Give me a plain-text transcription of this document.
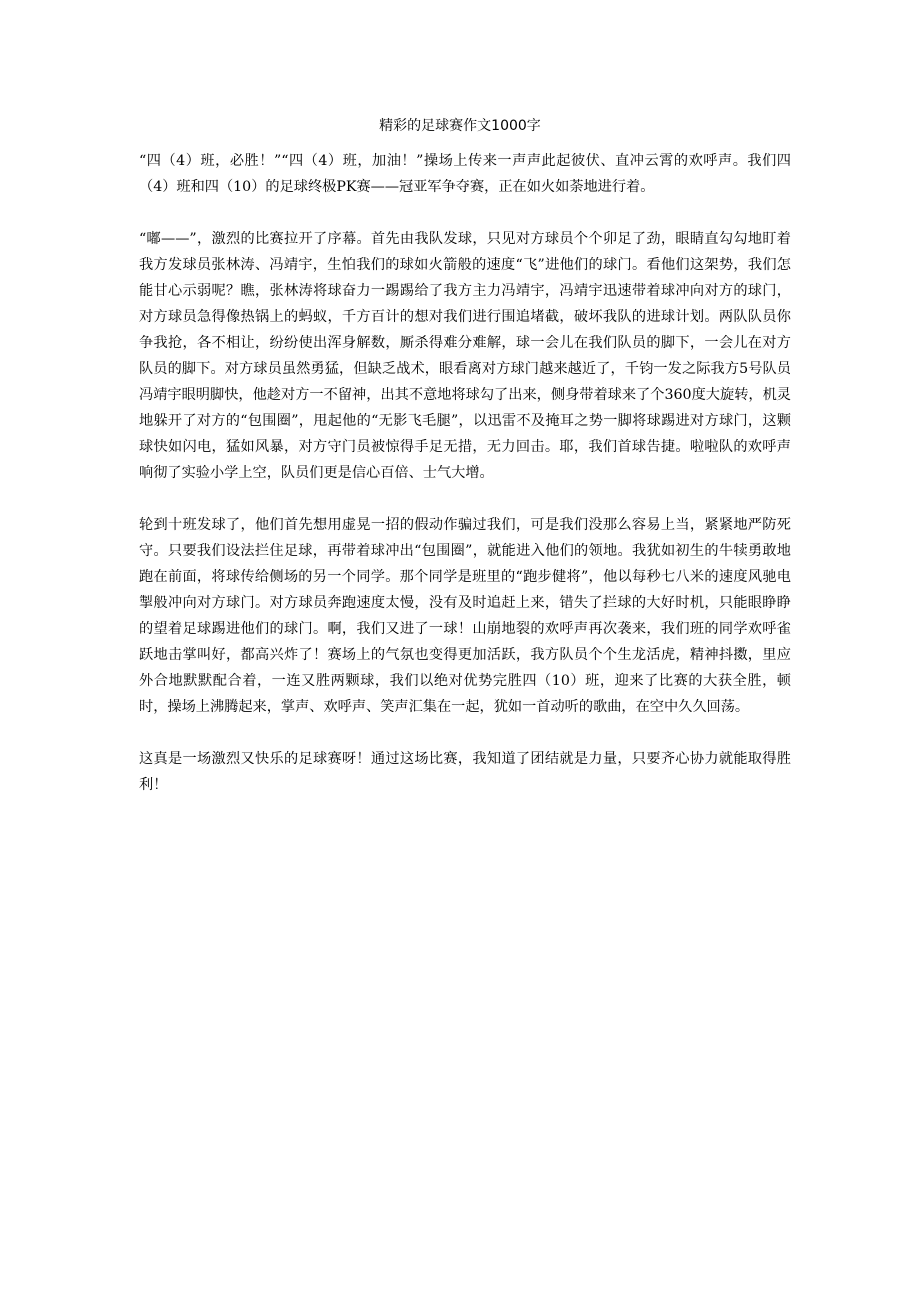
精彩的足球赛作文1000字

“四（4）班，必胜！”“四（4）班，加油！”操场上传来一声声此起彼伏、直冲云霄的欢呼声。我们四（4）班和四（10）的足球终极PK赛——冠亚军争夺赛，正在如火如荼地进行着。

“嘟——”，激烈的比赛拉开了序幕。首先由我队发球，只见对方球员个个卯足了劲，眼睛直勾勾地盯着我方发球员张林涛、冯靖宇，生怕我们的球如火箭般的速度“飞”进他们的球门。看他们这架势，我们怎能甘心示弱呢？瞧，张林涛将球奋力一踢踢给了我方主力冯靖宇，冯靖宇迅速带着球冲向对方的球门，对方球员急得像热锅上的蚂蚁，千方百计的想对我们进行围追堵截，破坏我队的进球计划。两队队员你争我抢，各不相让，纷纷使出浑身解数，厮杀得难分难解，球一会儿在我们队员的脚下，一会儿在对方队员的脚下。对方球员虽然勇猛，但缺乏战术，眼看离对方球门越来越近了，千钧一发之际我方5号队员冯靖宇眼明脚快，他趁对方一不留神，出其不意地将球勾了出来，侧身带着球来了个360度大旋转，机灵地躲开了对方的“包围圈”，甩起他的“无影飞毛腿”，以迅雷不及掩耳之势一脚将球踢进对方球门，这颗球快如闪电，猛如风暴，对方守门员被惊得手足无措，无力回击。耶，我们首球告捷。啦啦队的欢呼声响彻了实验小学上空，队员们更是信心百倍、士气大增。

轮到十班发球了，他们首先想用虚晃一招的假动作骗过我们，可是我们没那么容易上当，紧紧地严防死守。只要我们设法拦住足球，再带着球冲出“包围圈”，就能进入他们的领地。我犹如初生的牛犊勇敢地跑在前面，将球传给侧场的另一个同学。那个同学是班里的“跑步健将”，他以每秒七八米的速度风驰电掣般冲向对方球门。对方球员奔跑速度太慢，没有及时追赶上来，错失了拦球的大好时机，只能眼睁睁的望着足球踢进他们的球门。啊，我们又进了一球！山崩地裂的欢呼声再次袭来，我们班的同学欢呼雀跃地击掌叫好，都高兴炸了！赛场上的气氛也变得更加活跃，我方队员个个生龙活虎，精神抖擞，里应外合地默默配合着，一连又胜两颗球，我们以绝对优势完胜四（10）班，迎来了比赛的大获全胜，顿时，操场上沸腾起来，掌声、欢呼声、笑声汇集在一起，犹如一首动听的歌曲，在空中久久回荡。

这真是一场激烈又快乐的足球赛呀！通过这场比赛，我知道了团结就是力量，只要齐心协力就能取得胜利！
